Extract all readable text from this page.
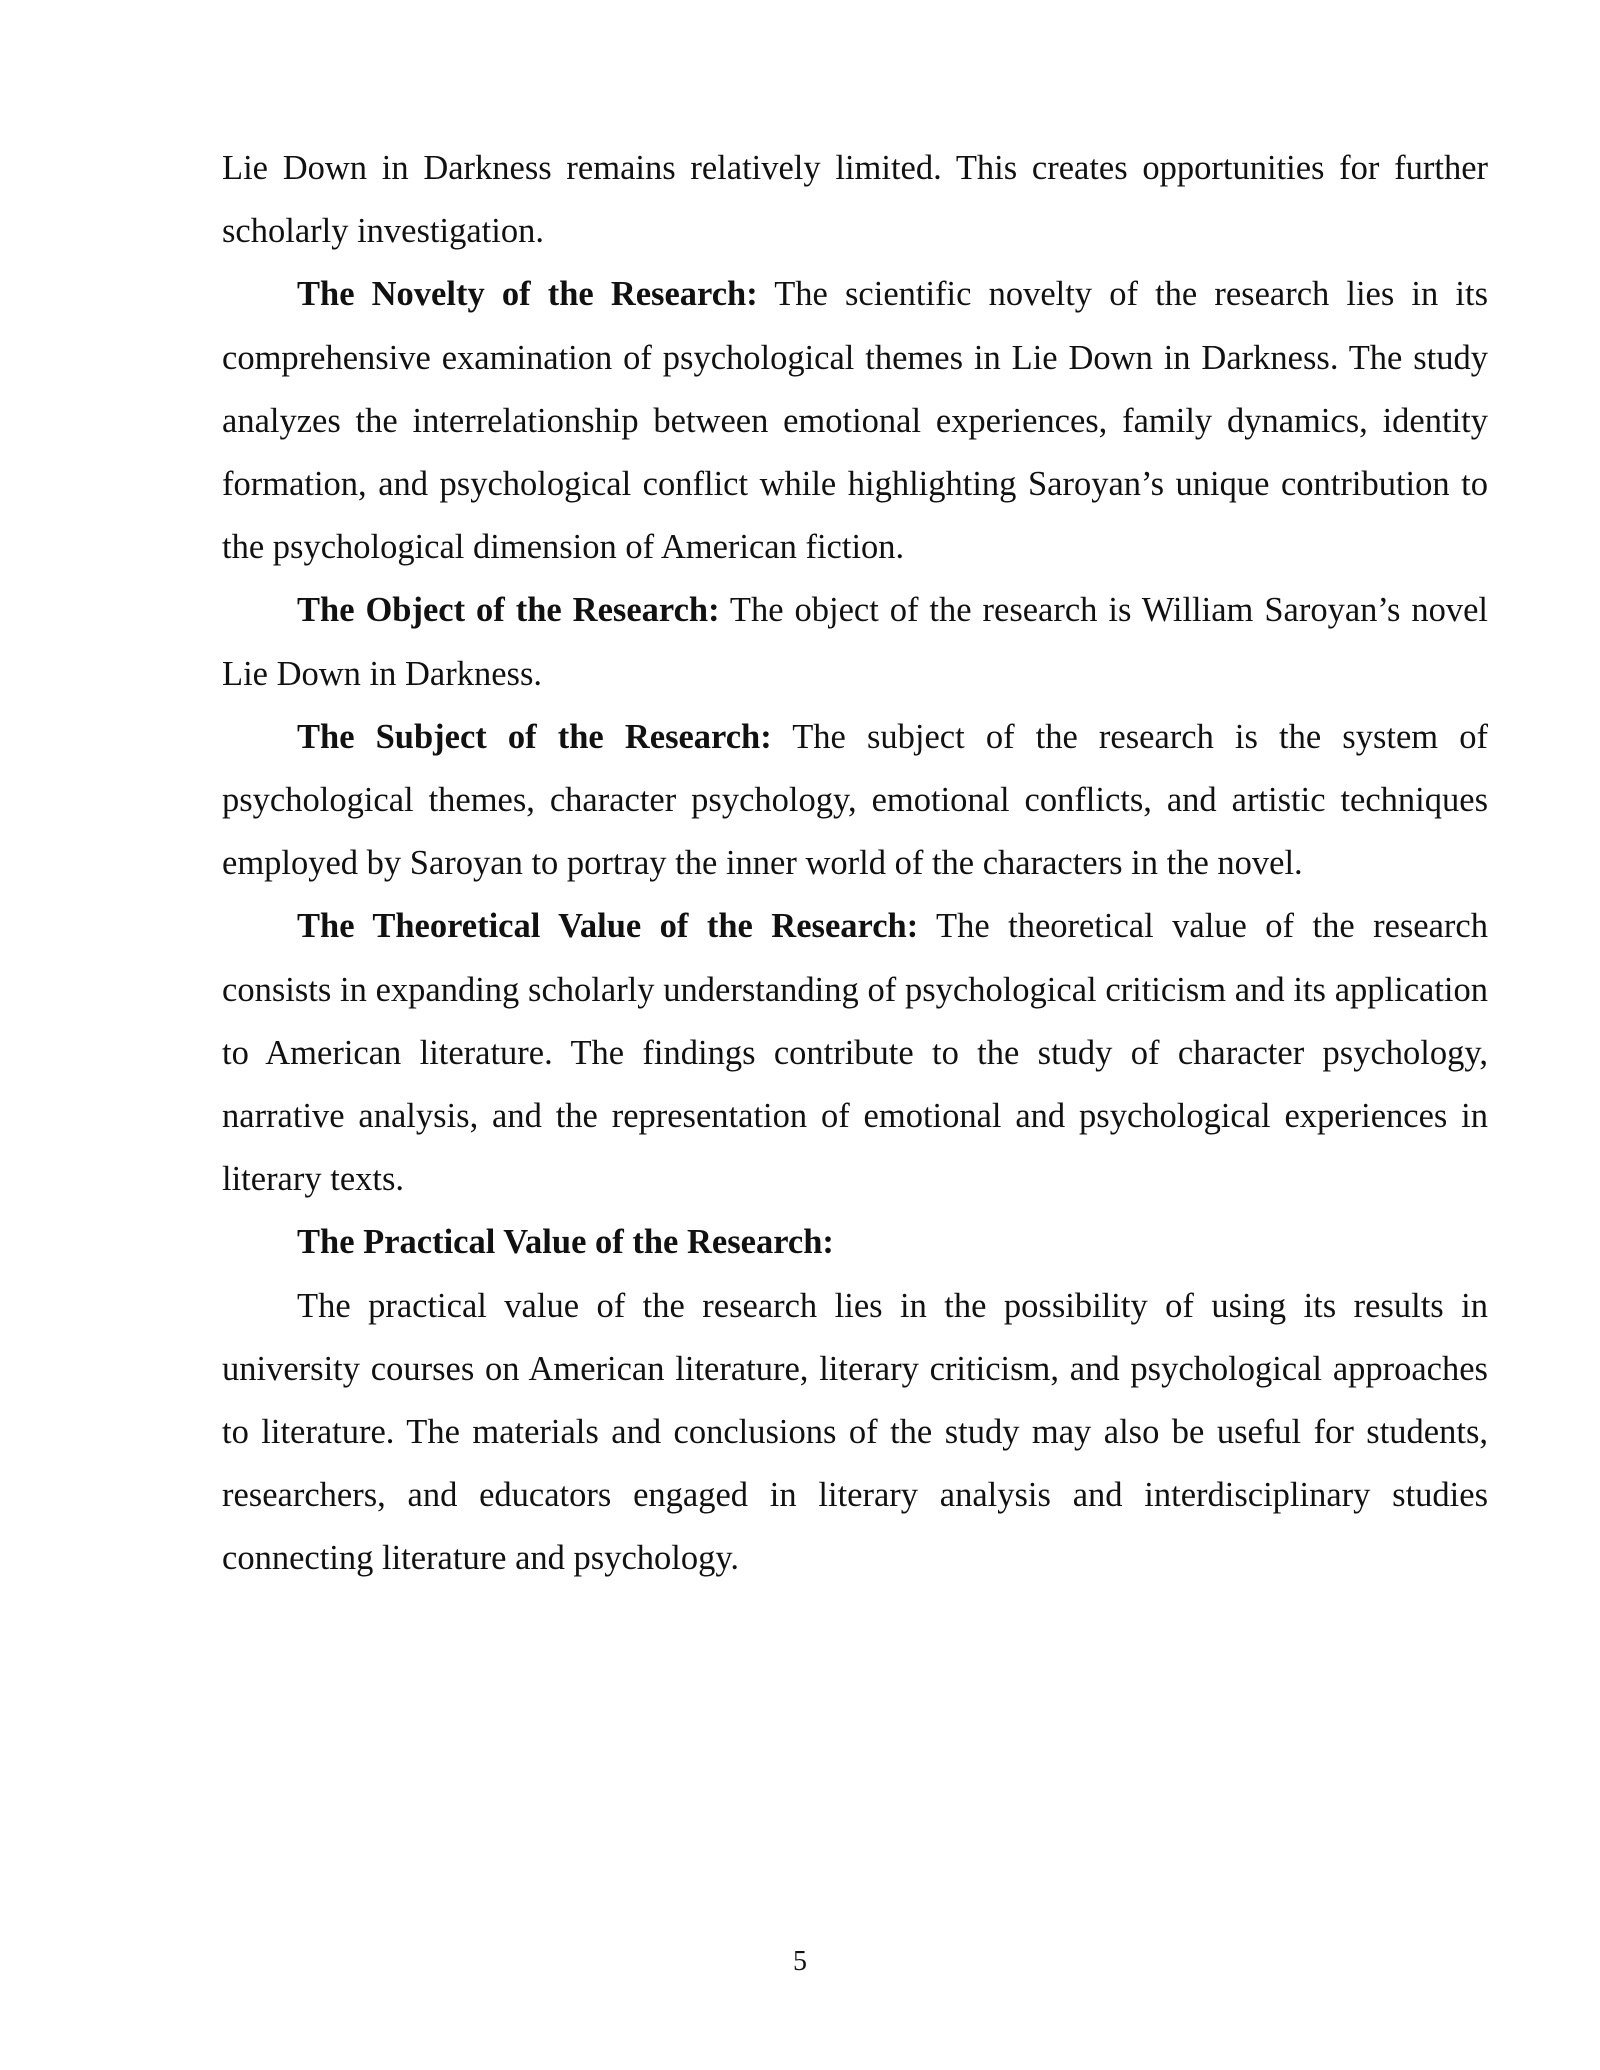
Lie Down in Darkness remains relatively limited. This creates opportunities for further scholarly investigation.

The Novelty of the Research: The scientific novelty of the research lies in its comprehensive examination of psychological themes in Lie Down in Darkness. The study analyzes the interrelationship between emotional experiences, family dynamics, identity formation, and psychological conflict while highlighting Saroyan’s unique contribution to the psychological dimension of American fiction.

The Object of the Research: The object of the research is William Saroyan’s novel Lie Down in Darkness.

The Subject of the Research: The subject of the research is the system of psychological themes, character psychology, emotional conflicts, and artistic techniques employed by Saroyan to portray the inner world of the characters in the novel.

The Theoretical Value of the Research: The theoretical value of the research consists in expanding scholarly understanding of psychological criticism and its application to American literature. The findings contribute to the study of character psychology, narrative analysis, and the representation of emotional and psychological experiences in literary texts.

The Practical Value of the Research:

The practical value of the research lies in the possibility of using its results in university courses on American literature, literary criticism, and psychological approaches to literature. The materials and conclusions of the study may also be useful for students, researchers, and educators engaged in literary analysis and interdisciplinary studies connecting literature and psychology.

5
